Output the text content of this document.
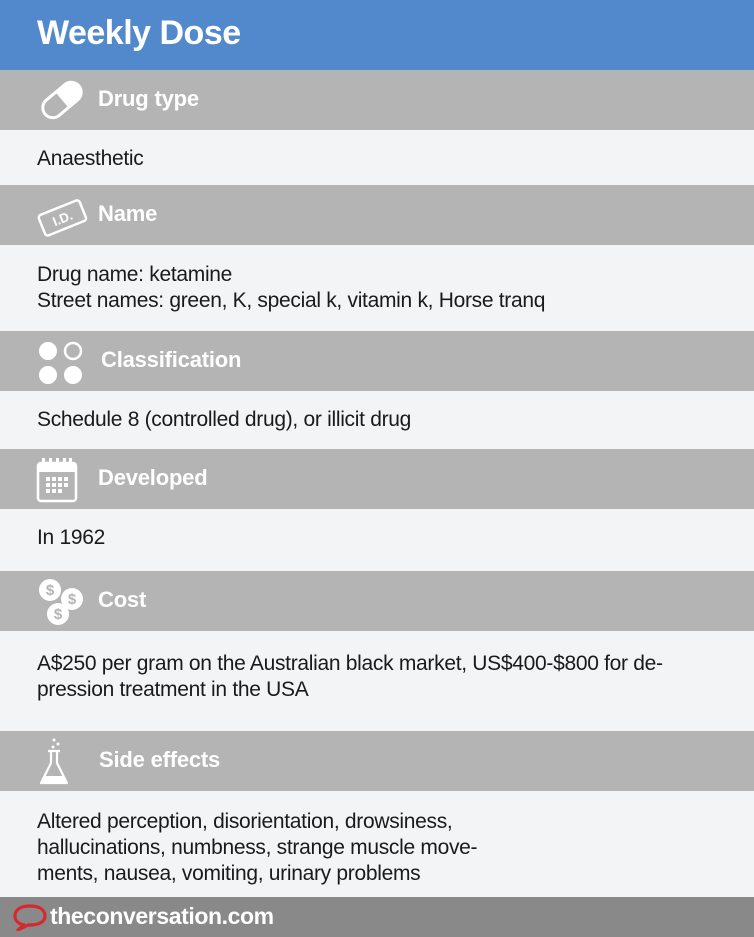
Weekly Dose
Drug type
Anaesthetic
I.D. Name
Drug name: ketamine
Street names: green, K, special k, vitamin k, Horse tranq
Classification
Schedule 8 (controlled drug), or illicit drug
Developed
In 1962
$
$
$
Cost
A$250 per gram on the Australian black market, US$400-$800 for de-
pression treatment in the USA
Side effects
Altered perception, disorientation, drowsiness,
hallucinations, numbness, strange muscle move-
ments, nausea, vomiting, urinary problems
theconversation.com
